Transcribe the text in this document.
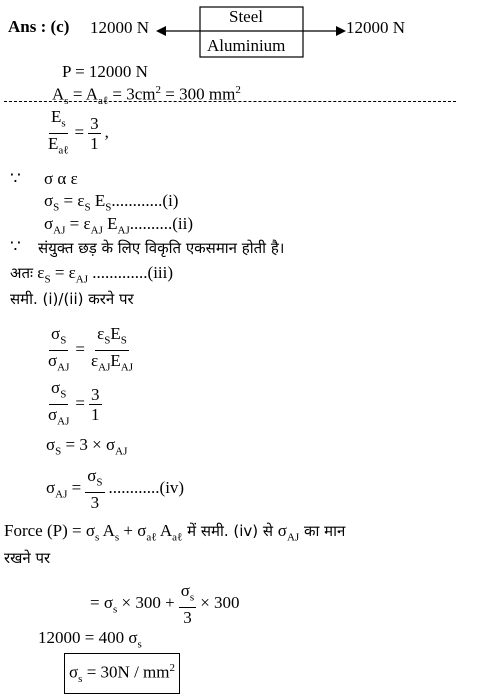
Ans : (c) 12000 N
Steel
Aluminium
12000 N
P = 12000 N
$A_s = A_{a\ell} = 3cm^2 = 300$ $mm^2$
$\frac{E_s}{E_{a\ell}} = \frac{3}{1}$ ,
∵ σ α ε
$\sigma_S = \varepsilon_S$ $E_S............(i)$
$\sigma_{AJ} = \varepsilon_{AJ}$ $E_{AJ}..........(ii)$
∵ संयुक्त छड़ के लिए विकृति एकसमान होती है।
अतः $\varepsilon_S = \varepsilon_{AJ}$ .............(iii)
समी. (i)/(ii) करने पर
$\frac{\sigma_S}{\sigma_{AJ}} = \frac{\varepsilon_SE_S}{\varepsilon_{AJ}E_{AJ}}$
$\frac{\sigma_S}{\sigma_{AJ}} = \frac{3}{1}$
$\sigma_S = 3 \times \sigma_{AJ}$
$\sigma_{AJ} = \frac{\sigma_S}{3} ............(iv)$
Force $(P) = \sigma_s$ $A_s + \sigma_{a\ell}$ $A_{a\ell}$ में समी. (iv) से $\sigma_{AJ}$ का मान
रखने पर
= $\sigma_s \times 300 + \frac{\sigma_s}{3} \times 300$
12000 = 400 $\sigma_s$
$\sigma_s = 30N / mm^2$
